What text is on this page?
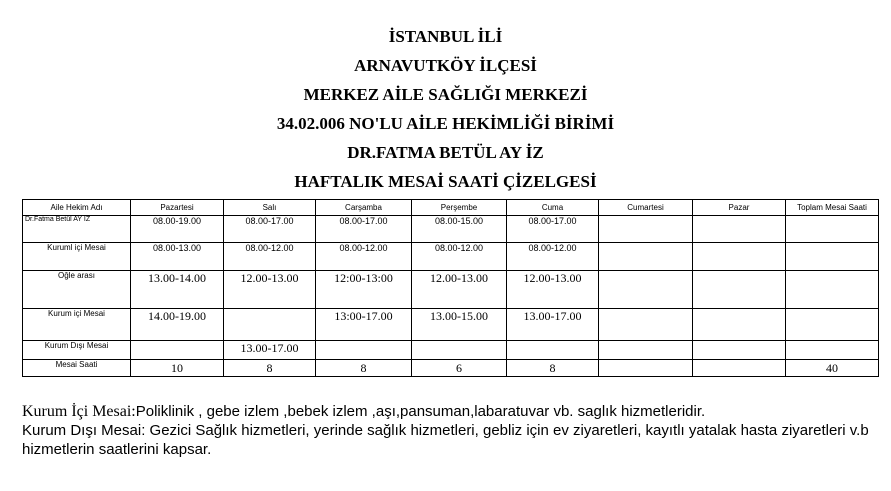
İSTANBUL İLİ
ARNAVUTKÖY İLÇESİ
MERKEZ AİLE SAĞLIĞI MERKEZİ
34.02.006 NO'LU AİLE HEKİMLİĞİ BİRİMİ
DR.FATMA BETÜL AY İZ
HAFTALIK MESAİ SAATİ ÇİZELGESİ
Aile Hekim Adı	Pazartesi	Salı	Carşamba	Perşembe	Cuma	Cumartesi	Pazar	Toplam Mesai Saati
Dr.Fatma Betül AY İZ	08.00-19.00	08.00-17.00	08.00-17.00	08.00-15.00	08.00-17.00			
Kuruml içi Mesai	08.00-13.00	08.00-12.00	08.00-12.00	08.00-12.00	08.00-12.00			
Oğle arası	13.00-14.00	12.00-13.00	12:00-13:00	12.00-13.00	12.00-13.00			
Kurum içi Mesai	14.00-19.00		13:00-17.00	13.00-15.00	13.00-17.00			
Kurum Dışı Mesai		13.00-17.00						
Mesai Saati	10	8	8	6	8			40
Kurum İçi Mesai:Poliklinik , gebe izlem ,bebek izlem ,aşı,pansuman,labaratuvar vb. saglık hizmetleridir.
Kurum Dışı Mesai: Gezici Sağlık hizmetleri, yerinde sağlık hizmetleri, gebliz için ev ziyaretleri, kayıtlı yatalak hasta ziyaretleri v.b hizmetlerin saatlerini kapsar.
